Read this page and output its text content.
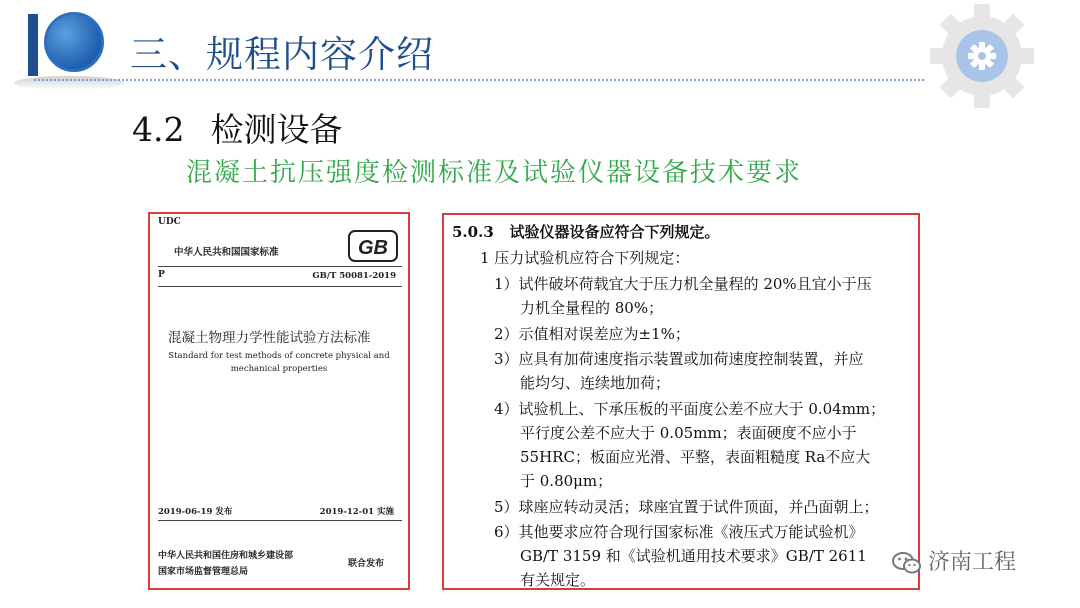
三、规程内容介绍
4.2 检测设备
混凝土抗压强度检测标准及试验仪器设备技术要求
UDC
中华人民共和国国家标准	GB
P	GB/T 50081-2019
混凝土物理力学性能试验方法标准
Standard for test methods of concrete physical and
mechanical properties
2019-06-19 发布	2019-12-01 实施
中华人民共和国住房和城乡建设部
国家市场监督管理总局
联合发布
5.0.3 试验仪器设备应符合下列规定。
1 压力试验机应符合下列规定：
1）试件破坏荷载宜大于压力机全量程的 20%且宜小于压
力机全量程的 80%；
2）示值相对误差应为±1%；
3）应具有加荷速度指示装置或加荷速度控制装置，并应
能均匀、连续地加荷；
4）试验机上、下承压板的平面度公差不应大于 0.04mm；
平行度公差不应大于 0.05mm；表面硬度不应小于
55HRC；板面应光滑、平整，表面粗糙度 Ra不应大
于 0.80μm；
5）球座应转动灵活；球座宜置于试件顶面，并凸面朝上；
6）其他要求应符合现行国家标准《液压式万能试验机》
GB/T 3159 和《试验机通用技术要求》GB/T 2611
有关规定。
济南工程
